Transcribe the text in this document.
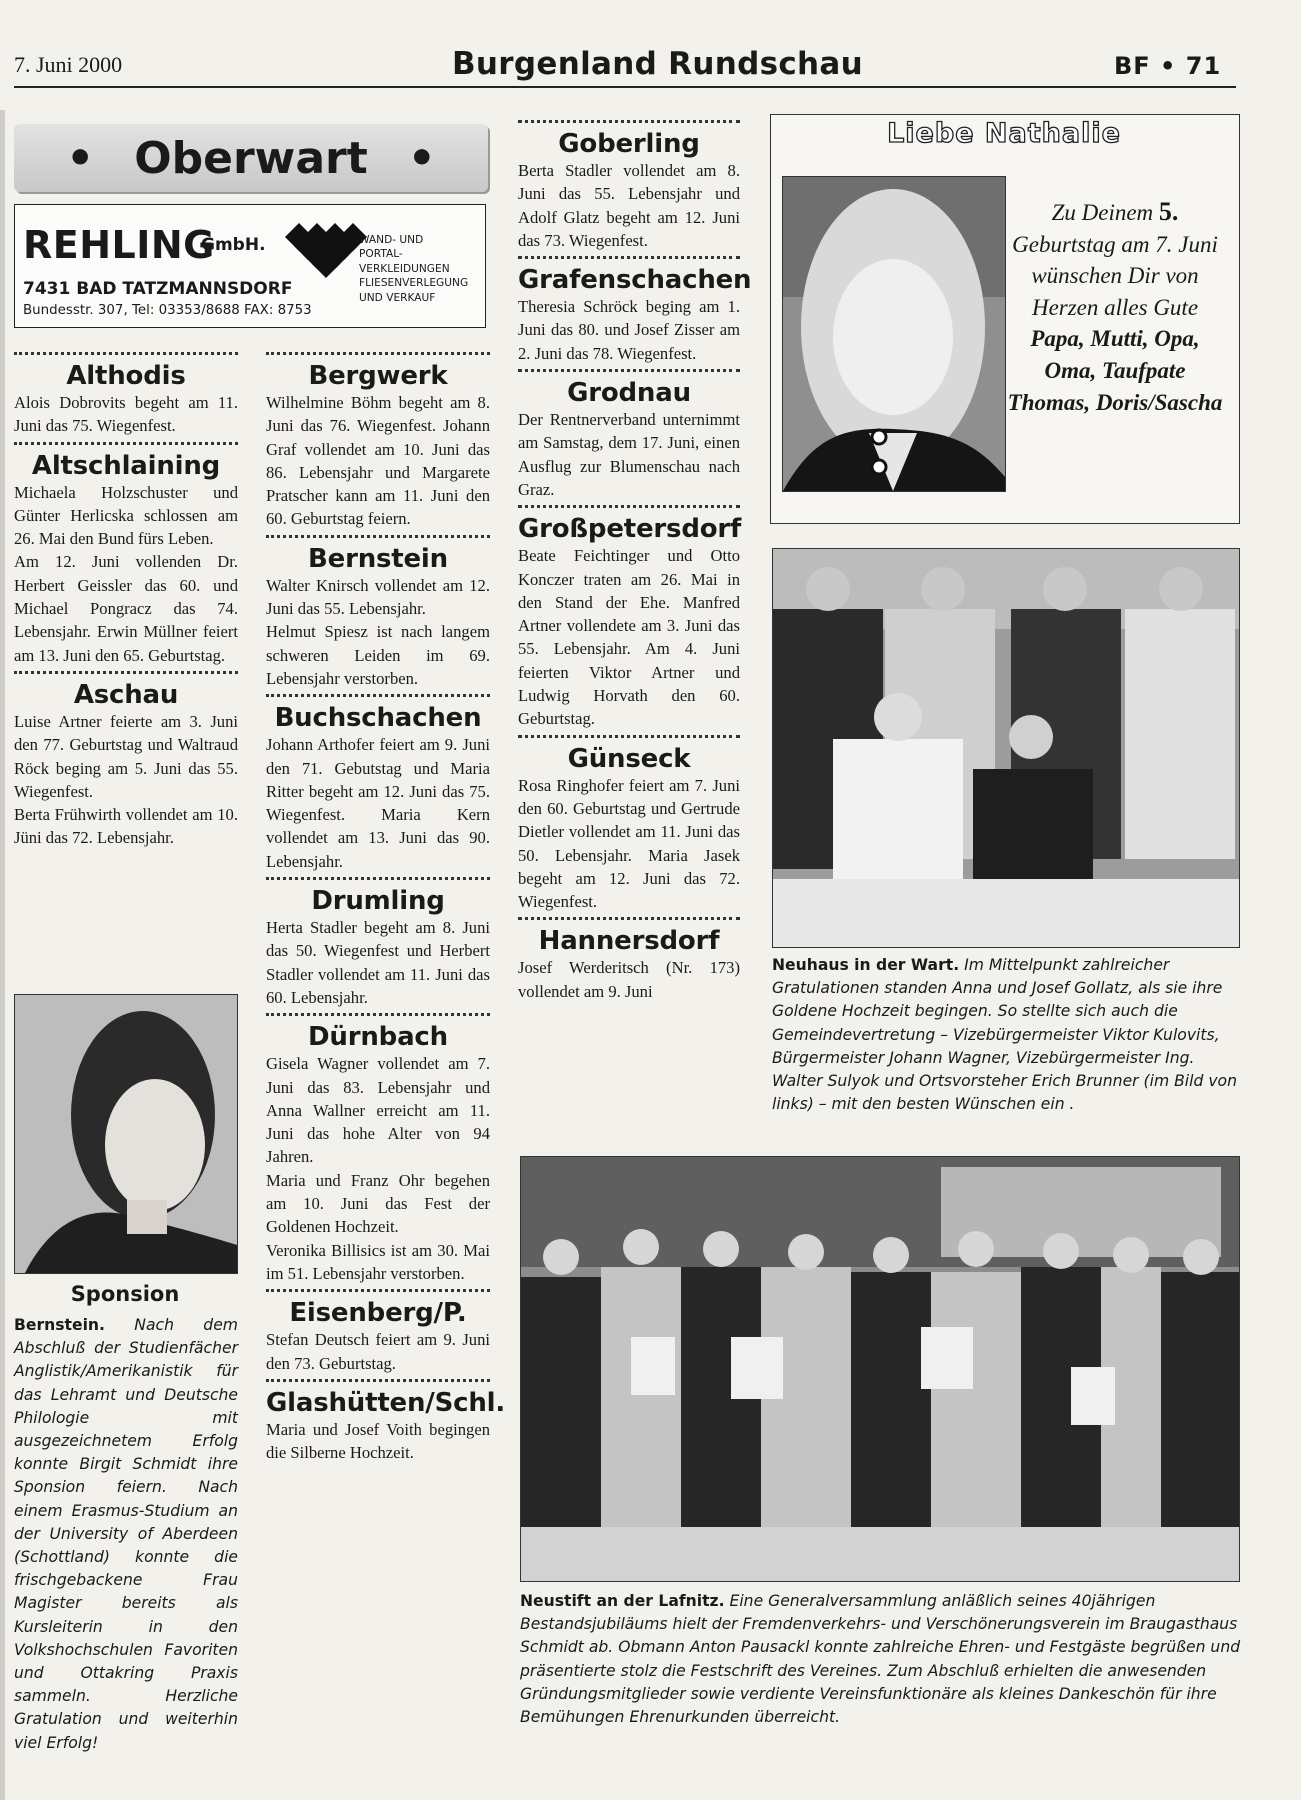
7. Juni 2000	Burgenland Rundschau	BF • 71
• Oberwart •
REHLING
GmbH.
7431 BAD TATZMANNSDORF
Bundesstr. 307, Tel: 03353/8688 FAX: 8753
WAND- UND
PORTAL-
VERKLEIDUNGEN
FLIESENVERLEGUNG
UND VERKAUF
Althodis

Alois Dobrovits begeht am 11. Juni das 75. Wiegenfest.

Altschlaining

Michaela Holzschuster und Günter Herlicska schlossen am 26. Mai den Bund fürs Leben.

Am 12. Juni vollenden Dr. Herbert Geissler das 60. und Michael Pongracz das 74. Lebensjahr. Erwin Müllner feiert am 13. Juni den 65. Geburtstag.

Aschau

Luise Artner feierte am 3. Juni den 77. Geburtstag und Waltraud Röck beging am 5. Juni das 55. Wiegenfest.

Berta Frühwirth vollendet am 10. Jüni das 72. Lebensjahr.

Sponsion
Bernstein. Nach dem Abschluß der Studienfächer Anglistik/Amerikanistik für das Lehramt und Deutsche Philologie mit ausgezeichnetem Erfolg konnte Birgit Schmidt ihre Sponsion feiern. Nach einem Erasmus-Studium an der University of Aberdeen (Schottland) konnte die frischgebackene Frau Magister bereits als Kursleiterin in den Volkshochschulen Favoriten und Ottakring Praxis sammeln. Herzliche Gratulation und weiterhin viel Erfolg!
Bergwerk

Wilhelmine Böhm begeht am 8. Juni das 76. Wiegenfest. Johann Graf vollendet am 10. Juni das 86. Lebensjahr und Margarete Pratscher kann am 11. Juni den 60. Geburtstag feiern.

Bernstein

Walter Knirsch vollendet am 12. Juni das 55. Lebensjahr.

Helmut Spiesz ist nach langem schweren Leiden im 69. Lebensjahr verstorben.

Buchschachen

Johann Arthofer feiert am 9. Juni den 71. Gebutstag und Maria Ritter begeht am 12. Juni das 75. Wiegenfest. Maria Kern vollendet am 13. Juni das 90. Lebensjahr.

Drumling

Herta Stadler begeht am 8. Juni das 50. Wiegenfest und Herbert Stadler vollendet am 11. Juni das 60. Lebensjahr.

Dürnbach

Gisela Wagner vollendet am 7. Juni das 83. Lebensjahr und Anna Wallner erreicht am 11. Juni das hohe Alter von 94 Jahren.

Maria und Franz Ohr begehen am 10. Juni das Fest der Goldenen Hochzeit.

Veronika Billisics ist am 30. Mai im 51. Lebensjahr verstorben.

Eisenberg/P.

Stefan Deutsch feiert am 9. Juni den 73. Geburtstag.

Glashütten/Schl.

Maria und Josef Voith begingen die Silberne Hochzeit.

Goberling

Berta Stadler vollendet am 8. Juni das 55. Lebensjahr und Adolf Glatz begeht am 12. Juni das 73. Wiegenfest.

Grafenschachen

Theresia Schröck beging am 1. Juni das 80. und Josef Zisser am 2. Juni das 78. Wiegenfest.

Grodnau

Der Rentnerverband unternimmt am Samstag, dem 17. Juni, einen Ausflug zur Blumenschau nach Graz.

Großpetersdorf

Beate Feichtinger und Otto Konczer traten am 26. Mai in den Stand der Ehe. Manfred Artner vollendete am 3. Juni das 55. Lebensjahr. Am 4. Juni feierten Viktor Artner und Ludwig Horvath den 60. Geburtstag.

Günseck

Rosa Ringhofer feiert am 7. Juni den 60. Geburtstag und Gertrude Dietler vollendet am 11. Juni das 50. Lebensjahr. Maria Jasek begeht am 12. Juni das 72. Wiegenfest.

Hannersdorf

Josef Werderitsch (Nr. 173) vollendet am 9. Juni

Liebe Nathalie
Zu Deinem 5. Geburtstag am 7. Juni wünschen Dir von Herzen alles Gute Papa, Mutti, Opa, Oma, Taufpate Thomas, Doris/Sascha
Neuhaus in der Wart. Im Mittelpunkt zahlreicher Gratulationen standen Anna und Josef Gollatz, als sie ihre Goldene Hochzeit begingen. So stellte sich auch die Gemeindevertretung – Vizebürgermeister Viktor Kulovits, Bürgermeister Johann Wagner, Vizebürgermeister Ing. Walter Sulyok und Ortsvorsteher Erich Brunner (im Bild von links) – mit den besten Wünschen ein .
Neustift an der Lafnitz. Eine Generalversammlung anläßlich seines 40jährigen Bestandsjubiläums hielt der Fremdenverkehrs- und Verschönerungsverein im Braugasthaus Schmidt ab. Obmann Anton Pausackl konnte zahlreiche Ehren- und Festgäste begrüßen und präsentierte stolz die Festschrift des Vereines. Zum Abschluß erhielten die anwesenden Gründungsmitglieder sowie verdiente Vereinsfunktionäre als kleines Dankeschön für ihre Bemühungen Ehrenurkunden überreicht.
